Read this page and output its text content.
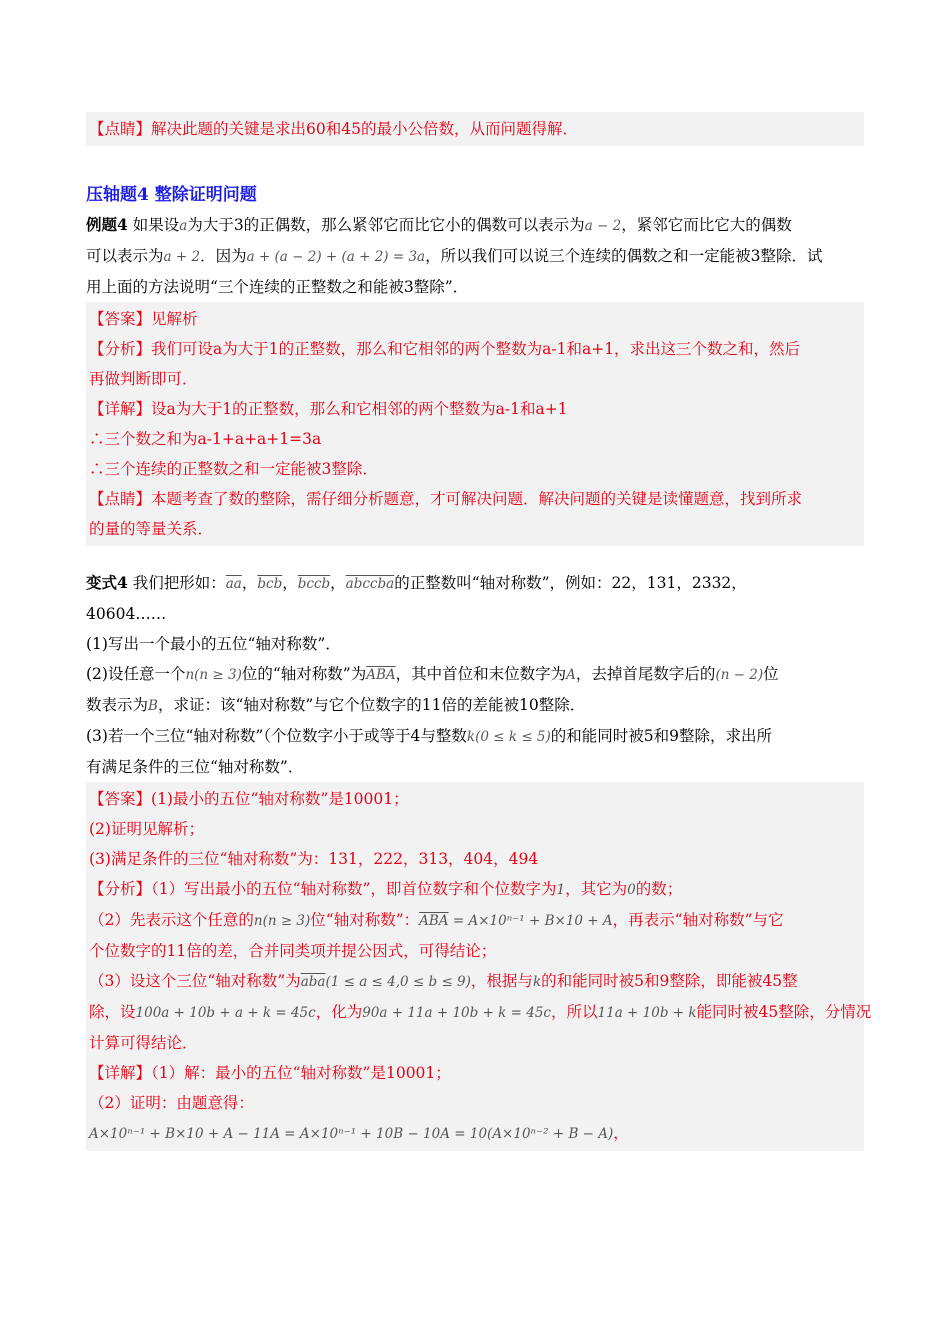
【点睛】解决此题的关键是求出60和45的最小公倍数，从而问题得解．
压轴题4 整除证明问题
例题4 如果设a为大于3的正偶数，那么紧邻它而比它小的偶数可以表示为a − 2，紧邻它而比它大的偶数
可以表示为a + 2．因为a + (a − 2) + (a + 2) = 3a，所以我们可以说三个连续的偶数之和一定能被3整除．试
用上面的方法说明“三个连续的正整数之和能被3整除”．
【答案】见解析
【分析】我们可设a为大于1的正整数，那么和它相邻的两个整数为a-1和a+1，求出这三个数之和，然后
再做判断即可．
【详解】设a为大于1的正整数，那么和它相邻的两个整数为a-1和a+1
∴三个数之和为a-1+a+a+1=3a
∴三个连续的正整数之和一定能被3整除．
【点睛】本题考查了数的整除，需仔细分析题意，才可解决问题．解决问题的关键是读懂题意，找到所求
的量的等量关系．
变式4 我们把形如：$\overline{aa}$，$\overline{bcb}$，bccb，abccba的正整数叫“轴对称数”，例如：22，131，2332，
40604……
(1)写出一个最小的五位“轴对称数”．
(2)设任意一个n(n ≥ 3)位的“轴对称数”为$\overline{ABA}$，其中首位和末位数字为A，去掉首尾数字后的(n − 2)位
数表示为B，求证：该“轴对称数”与它个位数字的11倍的差能被10整除．
(3)若一个三位“轴对称数”（个位数字小于或等于4与整数k(0 ≤ k ≤ 5)的和能同时被5和9整除，求出所
有满足条件的三位“轴对称数”．
【答案】(1)最小的五位“轴对称数”是10001；
(2)证明见解析；
(3)满足条件的三位“轴对称数”为：131，222，313，404，494
【分析】（1）写出最小的五位“轴对称数”，即首位数字和个位数字为1，其它为0的数；
（2）先表示这个任意的n(n ≥ 3)位“轴对称数”：$\overline{ABA} = A\times 10^{n-1} + B\times 10 + A$，再表示“轴对称数”与它
个位数字的11倍的差，合并同类项并提公因式，可得结论；
（3）设这个三位“轴对称数”为$\overline{aba}(1 \le a \le 4,0 \le b \le 9)$，根据与k的和能同时被5和9整除，即能被45整
除，设100a + 10b + a + k = 45c，化为90a + 11a + 10b + k = 45c，所以11a + 10b + k能同时被45整除，分情况
计算可得结论．
【详解】（1）解：最小的五位“轴对称数”是10001；
（2）证明：由题意得：
A×10ⁿ⁻¹ + B×10 + A − 11A = A×10ⁿ⁻¹ + 10B − 10A = 10(A×10ⁿ⁻² + B − A)，
